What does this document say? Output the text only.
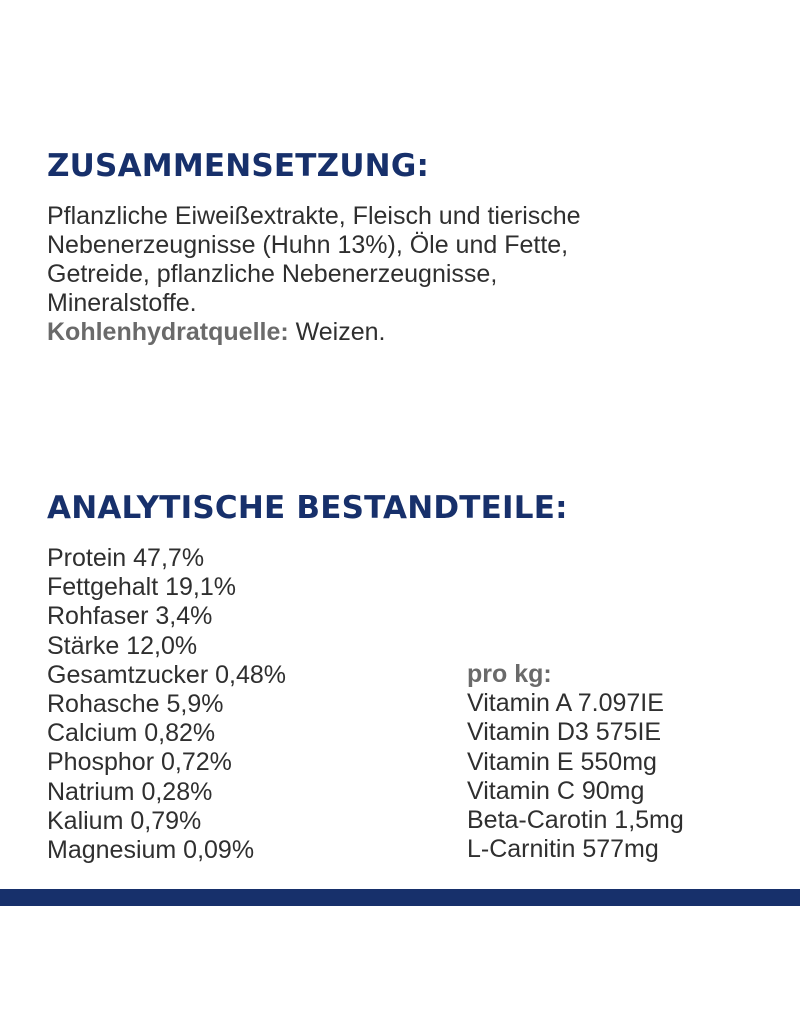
ZUSAMMENSETZUNG:

Pflanzliche Eiweißextrakte, Fleisch und tierische

Nebenerzeugnisse (Huhn 13%), Öle und Fette,

Getreide, pflanzliche Nebenerzeugnisse,

Mineralstoffe.

Kohlenhydratquelle: Weizen.

ANALYTISCHE BESTANDTEILE:
Protein 47,7%
Fettgehalt 19,1%
Rohfaser 3,4%
Stärke 12,0%
Gesamtzucker 0,48%
Rohasche 5,9%
Calcium 0,82%
Phosphor 0,72%
Natrium 0,28%
Kalium 0,79%
Magnesium 0,09%
pro kg:
Vitamin A 7.097IE
Vitamin D3 575IE
Vitamin E 550mg
Vitamin C 90mg
Beta-Carotin 1,5mg
L-Carnitin 577mg
